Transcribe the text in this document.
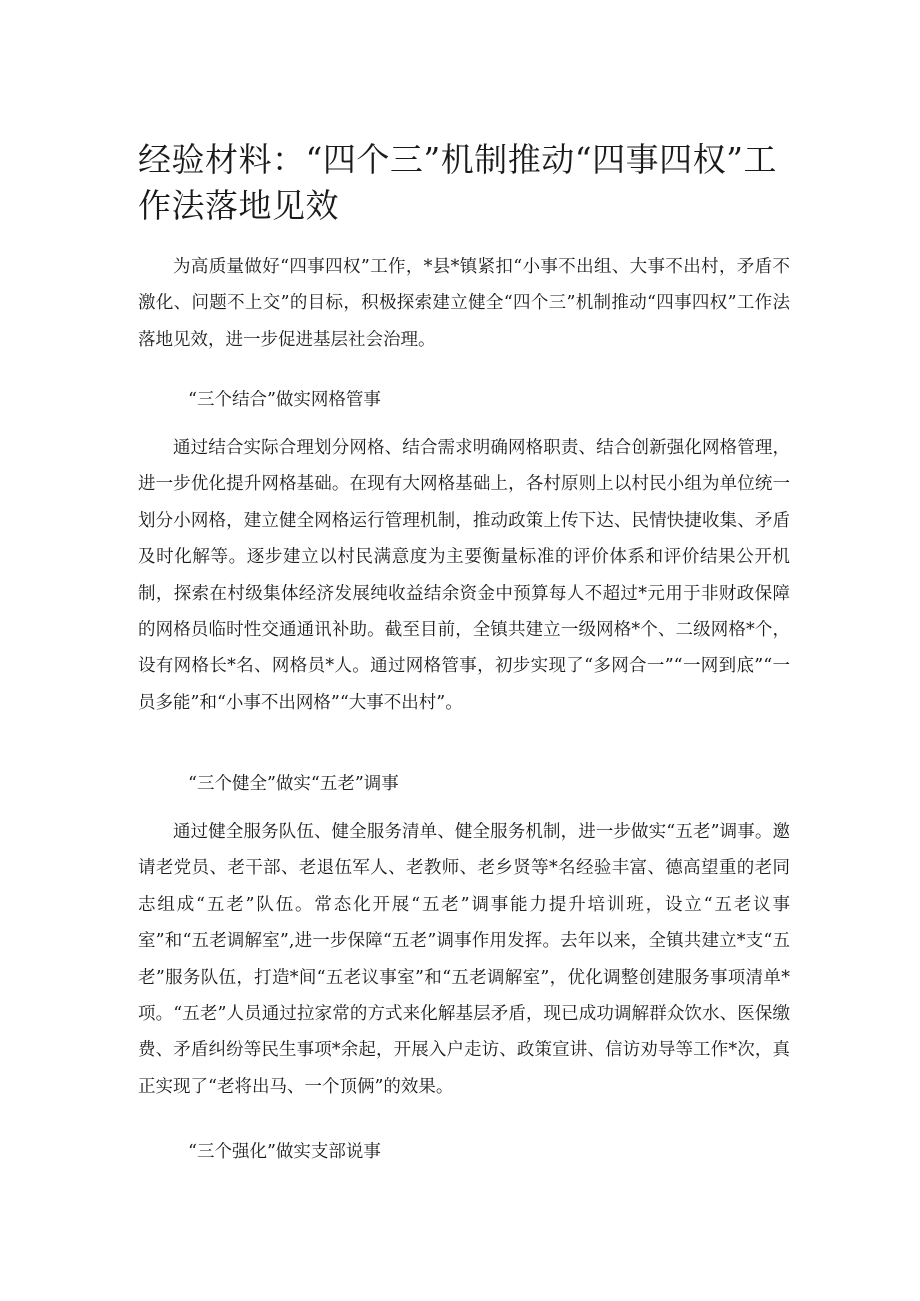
经验材料：“四个三”机制推动“四事四权”工作法落地见效

为高质量做好“四事四权”工作，*县*镇紧扣“小事不出组、大事不出村，矛盾不激化、问题不上交”的目标，积极探索建立健全“四个三”机制推动“四事四权”工作法落地见效，进一步促进基层社会治理。

“三个结合”做实网格管事

通过结合实际合理划分网格、结合需求明确网格职责、结合创新强化网格管理，进一步优化提升网格基础。在现有大网格基础上，各村原则上以村民小组为单位统一划分小网格，建立健全网格运行管理机制，推动政策上传下达、民情快捷收集、矛盾及时化解等。逐步建立以村民满意度为主要衡量标准的评价体系和评价结果公开机制，探索在村级集体经济发展纯收益结余资金中预算每人不超过*元用于非财政保障的网格员临时性交通通讯补助。截至目前，全镇共建立一级网格*个、二级网格*个，设有网格长*名、网格员*人。通过网格管事，初步实现了“多网合一”“一网到底”“一员多能”和“小事不出网格”“大事不出村”。

“三个健全”做实“五老”调事

通过健全服务队伍、健全服务清单、健全服务机制，进一步做实“五老”调事。邀请老党员、老干部、老退伍军人、老教师、老乡贤等*名经验丰富、德高望重的老同志组成“五老”队伍。常态化开展“五老”调事能力提升培训班，设立“五老议事室”和“五老调解室”,进一步保障“五老”调事作用发挥。去年以来，全镇共建立*支“五老”服务队伍，打造*间“五老议事室”和“五老调解室”，优化调整创建服务事项清单*项。“五老”人员通过拉家常的方式来化解基层矛盾，现已成功调解群众饮水、医保缴费、矛盾纠纷等民生事项*余起，开展入户走访、政策宣讲、信访劝导等工作*次，真正实现了“老将出马、一个顶俩”的效果。

“三个强化”做实支部说事
